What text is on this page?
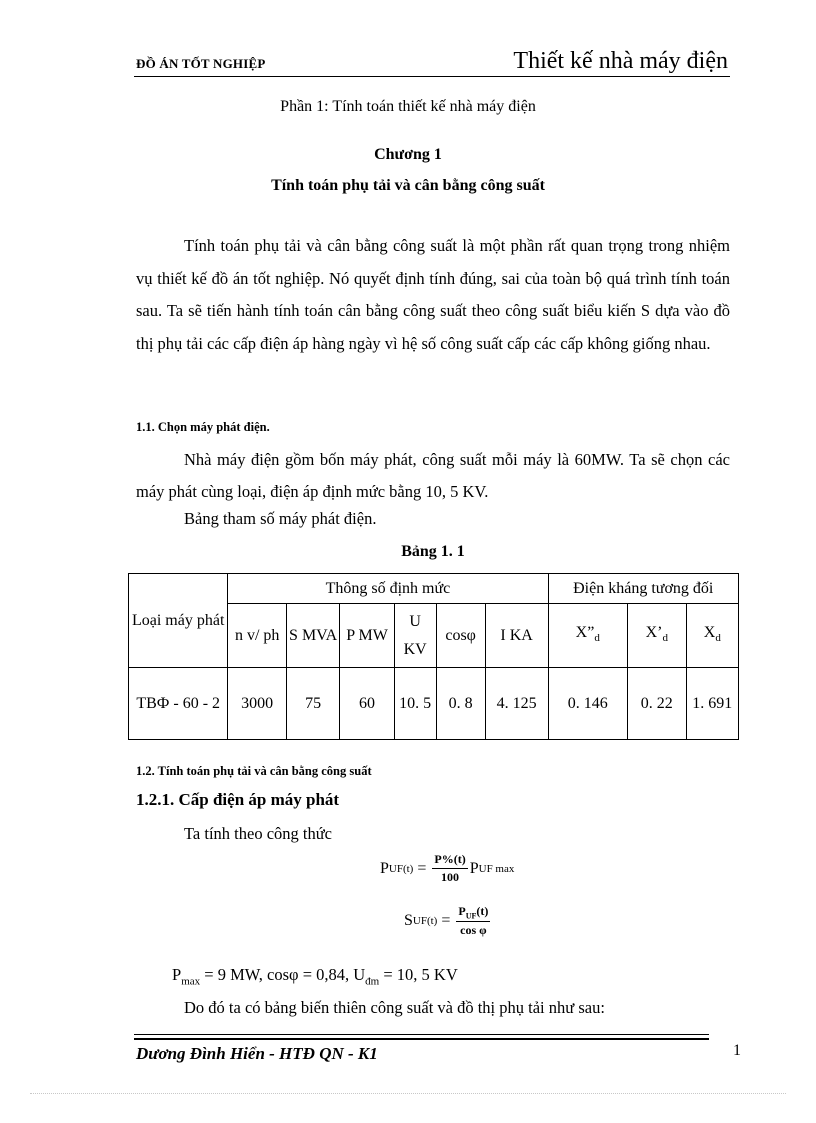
ĐỒ ÁN TỐT NGHIỆP	Thiết kế nhà máy điện
Phần 1: Tính toán thiết kế nhà máy điện
Chương 1
Tính toán phụ tải và cân bằng công suất

Tính toán phụ tải và cân bằng công suất là một phần rất quan trọng trong nhiệm vụ thiết kế đồ án tốt nghiệp. Nó quyết định tính đúng, sai của toàn bộ quá trình tính toán sau. Ta sẽ tiến hành tính toán cân bằng công suất theo công suất biểu kiến S dựa vào đồ thị phụ tải các cấp điện áp hàng ngày vì hệ số công suất cấp các cấp không giống nhau.

1.1. Chọn máy phát điện.

Nhà máy điện gồm bốn máy phát, công suất mỗi máy là 60MW. Ta sẽ chọn các máy phát cùng loại, điện áp định mức bằng 10, 5 KV.

Bảng tham số máy phát điện.
Bảng 1. 1
Loại máy phát	Thông số định mức						Điện kháng tương đối		
	n v/ ph	S MVA	P MW	U KV	cosφ	I KA	$X”_d$	$X’_d$	$X_d$
TBФ - 60 - 2	3000	75	60	10. 5	0. 8	4. 125	0. 146	0. 22	1. 691
1.2. Tính toán phụ tải và cân bằng công suất
1.2.1. Cấp điện áp máy phát
Ta tính theo công thức
P $UF(t) = \frac{P\%(t)}{100}$ P UF max
S $UF(t) = \frac{P_{UF}(t)}{\text{cos φ}}$
$P_{max} = 9$ MW, cosφ = 0,84, $U_{đm} = 10$, 5 KV
Do đó ta có bảng biến thiên công suất và đồ thị phụ tải như sau:
Dương Đình Hiển - HTĐ QN - K1	1
